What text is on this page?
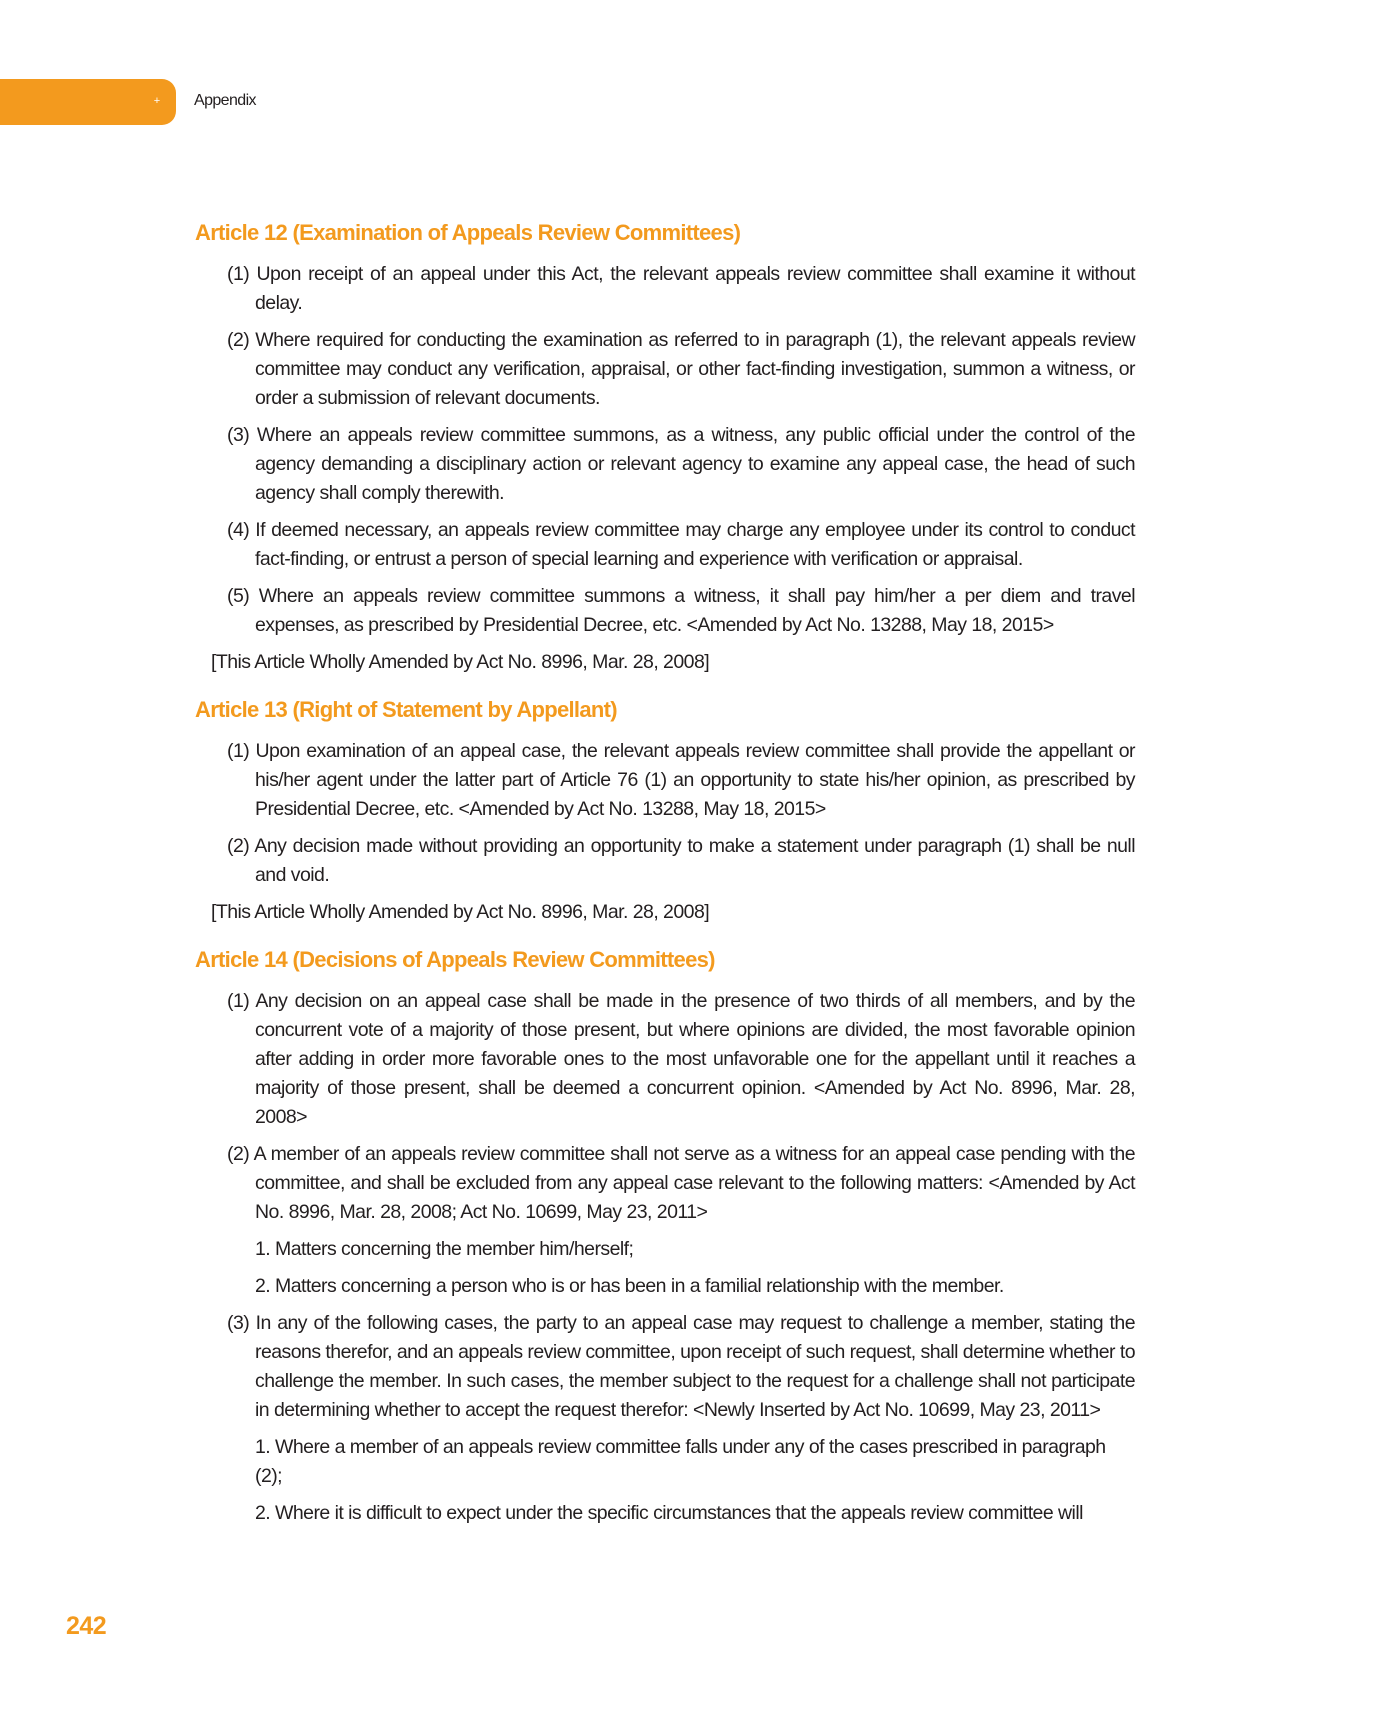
+ Appendix
Article 12 (Examination of Appeals Review Committees)

(1) Upon receipt of an appeal under this Act, the relevant appeals review committee shall examine it without delay.

(2) Where required for conducting the examination as referred to in paragraph (1), the relevant appeals review committee may conduct any verification, appraisal, or other fact-finding investigation, summon a witness, or order a submission of relevant documents.

(3) Where an appeals review committee summons, as a witness, any public official under the control of the agency demanding a disciplinary action or relevant agency to examine any appeal case, the head of such agency shall comply therewith.

(4) If deemed necessary, an appeals review committee may charge any employee under its control to conduct fact-finding, or entrust a person of special learning and experience with verification or appraisal.

(5) Where an appeals review committee summons a witness, it shall pay him/her a per diem and travel expenses, as prescribed by Presidential Decree, etc. <Amended by Act No. 13288, May 18, 2015>

[This Article Wholly Amended by Act No. 8996, Mar. 28, 2008]

Article 13 (Right of Statement by Appellant)

(1) Upon examination of an appeal case, the relevant appeals review committee shall provide the appellant or his/her agent under the latter part of Article 76 (1) an opportunity to state his/her opinion, as prescribed by Presidential Decree, etc. <Amended by Act No. 13288, May 18, 2015>

(2) Any decision made without providing an opportunity to make a statement under paragraph (1) shall be null and void.

[This Article Wholly Amended by Act No. 8996, Mar. 28, 2008]

Article 14 (Decisions of Appeals Review Committees)

(1) Any decision on an appeal case shall be made in the presence of two thirds of all members, and by the concurrent vote of a majority of those present, but where opinions are divided, the most favorable opinion after adding in order more favorable ones to the most unfavorable one for the appellant until it reaches a majority of those present, shall be deemed a concurrent opinion. <Amended by Act No. 8996, Mar. 28, 2008>

(2) A member of an appeals review committee shall not serve as a witness for an appeal case pending with the committee, and shall be excluded from any appeal case relevant to the following matters: <Amended by Act No. 8996, Mar. 28, 2008; Act No. 10699, May 23, 2011>

1. Matters concerning the member him/herself;

2. Matters concerning a person who is or has been in a familial relationship with the member.

(3) In any of the following cases, the party to an appeal case may request to challenge a member, stating the reasons therefor, and an appeals review committee, upon receipt of such request, shall determine whether to challenge the member. In such cases, the member subject to the request for a challenge shall not participate in determining whether to accept the request therefor: <Newly Inserted by Act No. 10699, May 23, 2011>

1. Where a member of an appeals review committee falls under any of the cases prescribed in paragraph (2);

2. Where it is difficult to expect under the specific circumstances that the appeals review committee will

242
